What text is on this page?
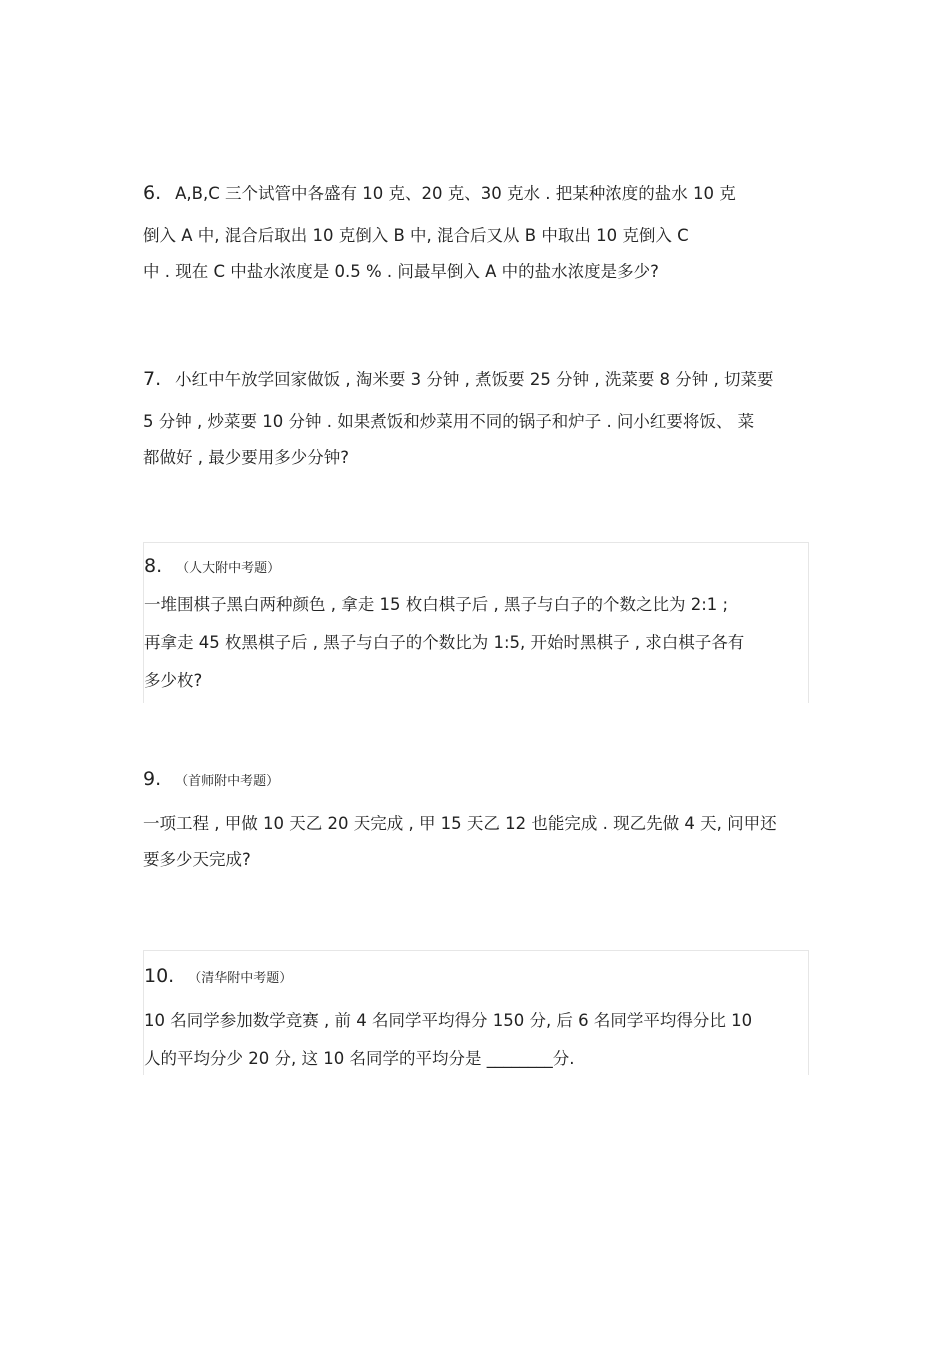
6. A,B,C 三个试管中各盛有 10 克、20 克、30 克水 . 把某种浓度的盐水 10 克
倒入 A 中, 混合后取出 10 克倒入 B 中, 混合后又从 B 中取出 10 克倒入 C
中 . 现在 C 中盐水浓度是 0.5 % . 问最早倒入 A 中的盐水浓度是多少?
7. 小红中午放学回家做饭 , 淘米要 3 分钟 , 煮饭要 25 分钟 , 洗菜要 8 分钟 , 切菜要
5 分钟 , 炒菜要 10 分钟 . 如果煮饭和炒菜用不同的锅子和炉子 . 问小红要将饭、 菜
都做好 , 最少要用多少分钟?
8. （人大附中考题）
一堆围棋子黑白两种颜色 , 拿走 15 枚白棋子后 , 黑子与白子的个数之比为 2:1 ;
再拿走 45 枚黑棋子后 , 黑子与白子的个数比为 1:5, 开始时黑棋子 , 求白棋子各有
多少枚?
9. （首师附中考题）
一项工程 , 甲做 10 天乙 20 天完成 , 甲 15 天乙 12 也能完成 . 现乙先做 4 天, 问甲还
要多少天完成?
10. （清华附中考题）
10 名同学参加数学竞赛 , 前 4 名同学平均得分 150 分, 后 6 名同学平均得分比 10
人的平均分少 20 分, 这 10 名同学的平均分是 ________分.
